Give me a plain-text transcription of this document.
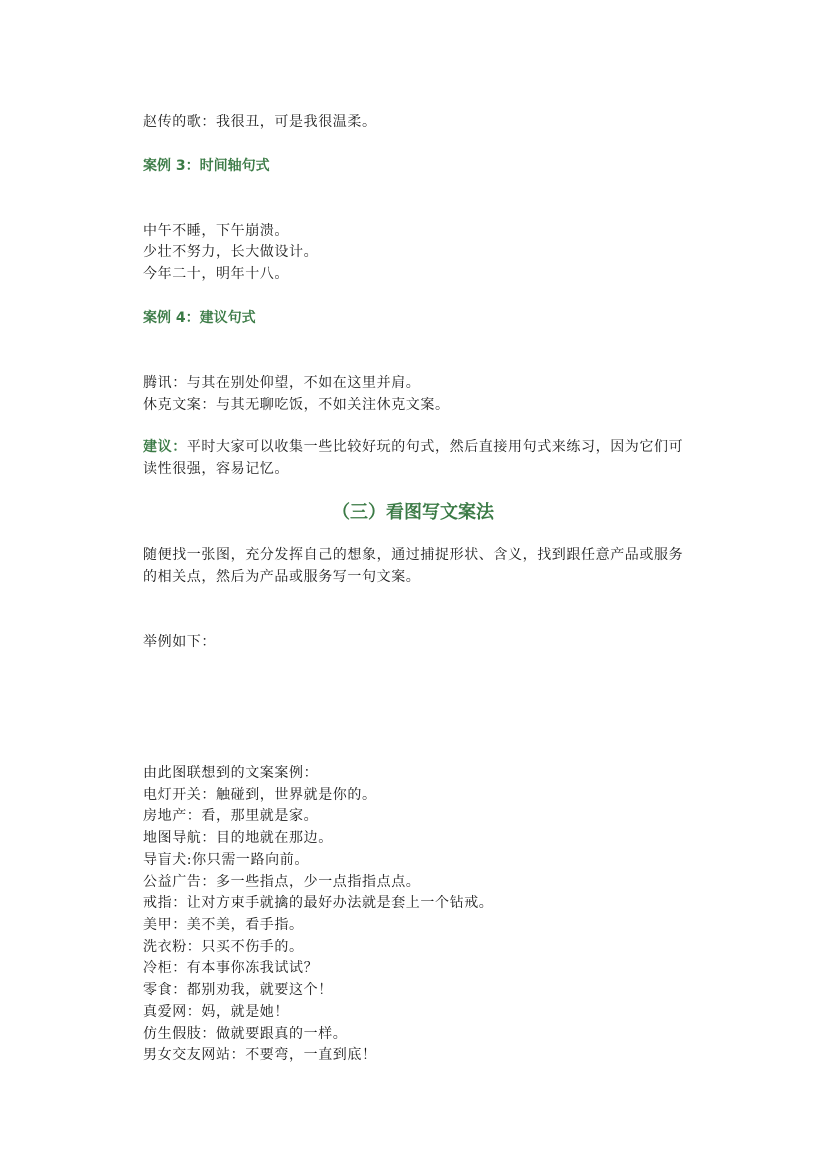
赵传的歌：我很丑，可是我很温柔。
案例 3：时间轴句式
中午不睡，下午崩溃。
少壮不努力，长大做设计。
今年二十，明年十八。
案例 4：建议句式
腾讯：与其在别处仰望，不如在这里并肩。
休克文案：与其无聊吃饭，不如关注休克文案。
建议：平时大家可以收集一些比较好玩的句式，然后直接用句式来练习，因为它们可读性很强，容易记忆。
（三）看图写文案法
随便找一张图，充分发挥自己的想象，通过捕捉形状、含义，找到跟任意产品或服务的相关点，然后为产品或服务写一句文案。
举例如下：
由此图联想到的文案案例：
电灯开关：触碰到，世界就是你的。
房地产：看，那里就是家。
地图导航：目的地就在那边。
导盲犬:你只需一路向前。
公益广告：多一些指点，少一点指指点点。
戒指：让对方束手就擒的最好办法就是套上一个钻戒。
美甲：美不美，看手指。
洗衣粉：只买不伤手的。
冷柜：有本事你冻我试试？
零食：都别劝我，就要这个！
真爱网：妈，就是她！
仿生假肢：做就要跟真的一样。
男女交友网站：不要弯，一直到底！
